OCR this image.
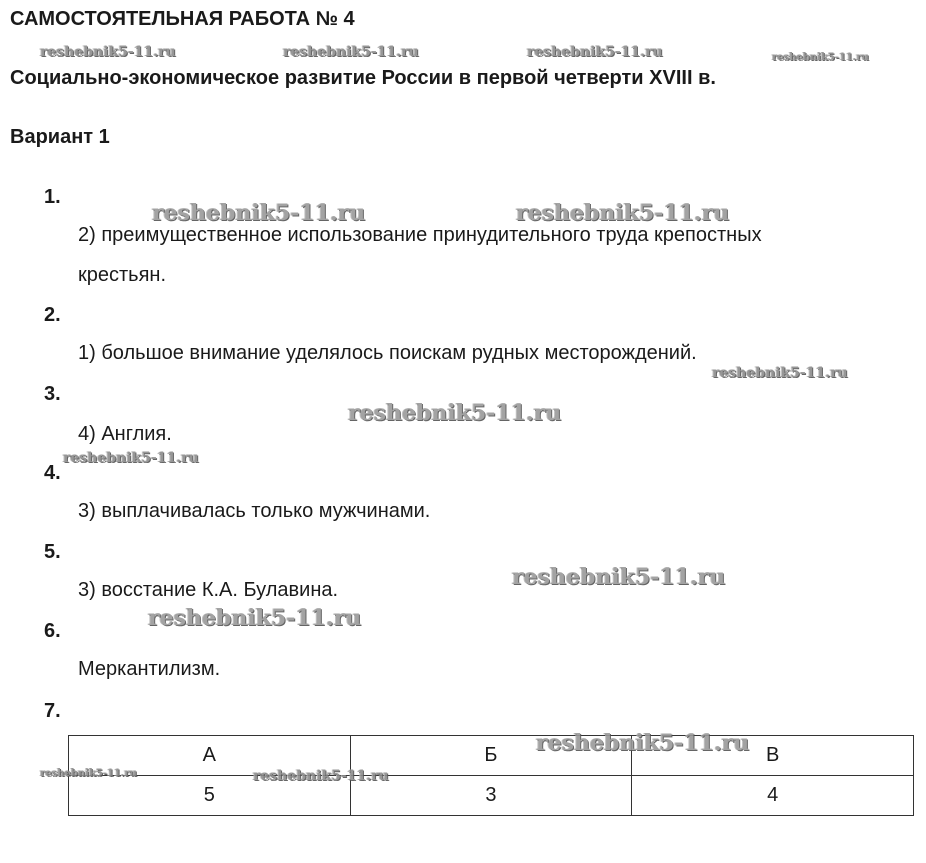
САМОСТОЯТЕЛЬНАЯ РАБОТА № 4
Социально-экономическое развитие России в первой четверти XVIII в.
Вариант 1
1.
2) преимущественное использование принудительного труда крепостных
крестьян.
2.
1) большое внимание уделялось поискам рудных месторождений.
3.
4) Англия.
4.
3) выплачивалась только мужчинами.
5.
3) восстание К.А. Булавина.
6.
Меркантилизм.
7.
А	Б	В
5	3	4
reshebnik5-11.ru	reshebnik5-11.ru	reshebnik5-11.ru	reshebnik5-11.ru
reshebnik5-11.ru	reshebnik5-11.ru
reshebnik5-11.ru
reshebnik5-11.ru
reshebnik5-11.ru
reshebnik5-11.ru
reshebnik5-11.ru
reshebnik5-11.ru
reshebnik5-11.ru	reshebnik5-11.ru
